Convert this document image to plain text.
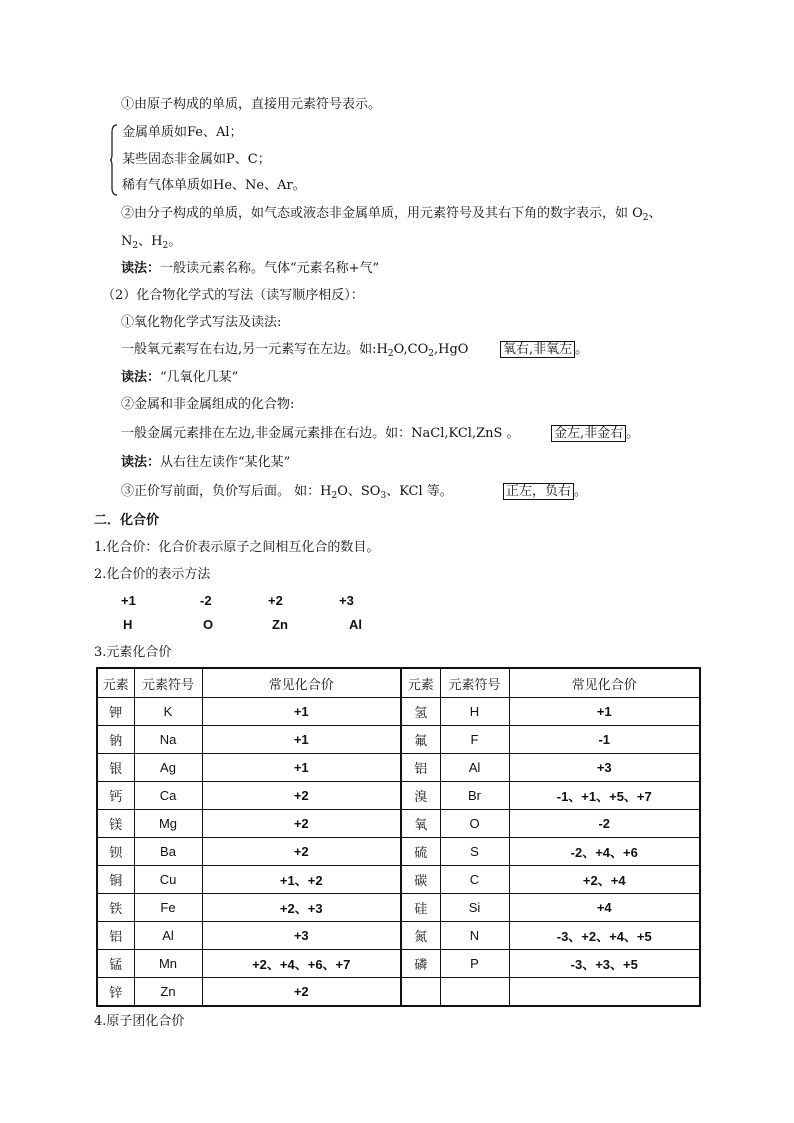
①由原子构成的单质，直接用元素符号表示。
金属单质如Fe、Al；
某些固态非金属如P、C；
稀有气体单质如He、Ne、Ar。
②由分子构成的单质，如气态或液态非金属单质，用元素符号及其右下角的数字表示，如 $O_2$、
$N_2$、$H_2$。
读法：一般读元素名称。气体“元素名称+气”
（2）化合物化学式的写法（读写顺序相反）：
①氧化物化学式写法及读法:
一般氧元素写在右边,另一元素写在左边。如$:H_2O,CO_2,HgO$	氧右,非氧左 。
读法：“几氧化几某”
②金属和非金属组成的化合物:
一般金属元素排在左边,非金属元素排在右边。如：NaCl,KCl,ZnS 。	金左,非金右 。
读法：从右往左读作“某化某”
③正价写前面，负价写后面。 如：$H_2O$、$SO_3$、KCl 等。	正左，负右 。
二．化合价
1.化合价：化合价表示原子之间相互化合的数目。
2.化合价的表示方法
+1	-2	+2	+3
H	O	Zn	Al
3.元素化合价
元素	元素符号	常见化合价	元素	元素符号	常见化合价
钾	K	+1	氢	H	+1
钠	Na	+1	氟	F	-1
银	Ag	+1	铝	Al	+3
钙	Ca	+2	溴	Br	-1、+1、+5、+7
镁	Mg	+2	氧	O	-2
钡	Ba	+2	硫	S	-2、+4、+6
铜	Cu	+1、+2	碳	C	+2、+4
铁	Fe	+2、+3	硅	Si	+4
铝	Al	+3	氮	N	-3、+2、+4、+5
锰	Mn	+2、+4、+6、+7	磷	P	-3、+3、+5
锌	Zn	+2			
4.原子团化合价
